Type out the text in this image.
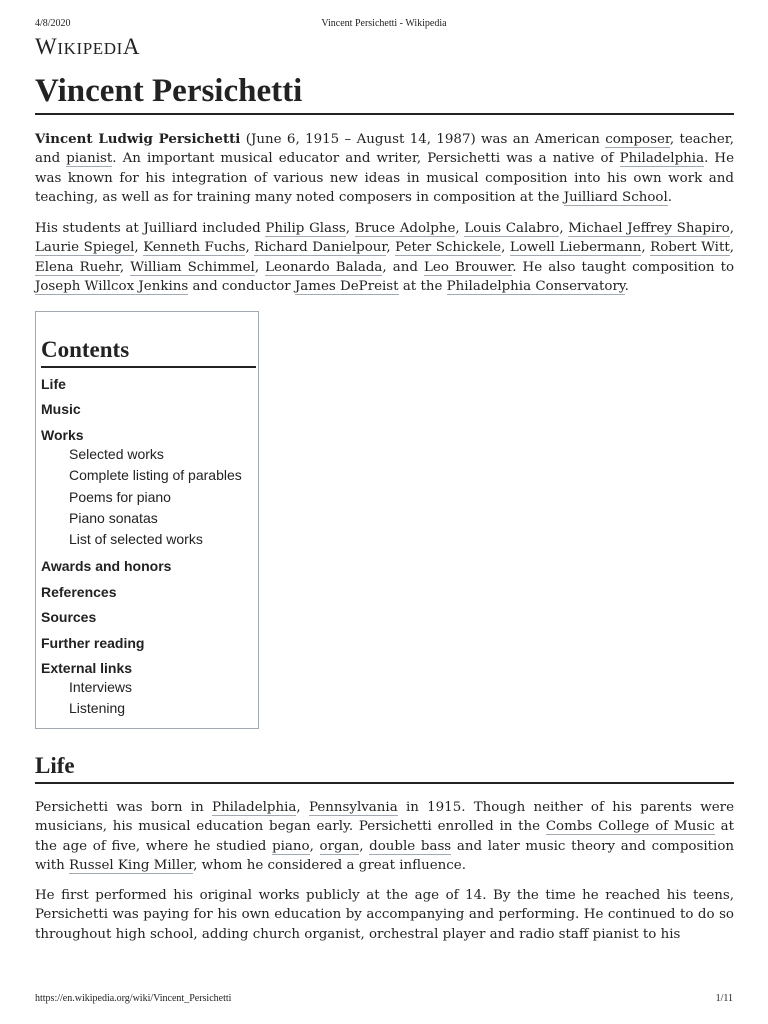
4/8/2020	Vincent Persichetti - Wikipedia
WIKIPEDIA
Vincent Persichetti

Vincent Ludwig Persichetti (June 6, 1915 – August 14, 1987) was an American composer, teacher, and pianist. An important musical educator and writer, Persichetti was a native of Philadelphia. He was known for his integration of various new ideas in musical composition into his own work and teaching, as well as for training many noted composers in composition at the Juilliard School.

His students at Juilliard included Philip Glass, Bruce Adolphe, Louis Calabro, Michael Jeffrey Shapiro, Laurie Spiegel, Kenneth Fuchs, Richard Danielpour, Peter Schickele, Lowell Liebermann, Robert Witt, Elena Ruehr, William Schimmel, Leonardo Balada, and Leo Brouwer. He also taught composition to Joseph Willcox Jenkins and conductor James DePreist at the Philadelphia Conservatory.

Contents
Life
Music
Works
Selected works
Complete listing of parables
Poems for piano
Piano sonatas
List of selected works
Awards and honors
References
Sources
Further reading
External links
Interviews
Listening
Life

Persichetti was born in Philadelphia, Pennsylvania in 1915. Though neither of his parents were musicians, his musical education began early. Persichetti enrolled in the Combs College of Music at the age of five, where he studied piano, organ, double bass and later music theory and composition with Russel King Miller, whom he considered a great influence.

He first performed his original works publicly at the age of 14. By the time he reached his teens, Persichetti was paying for his own education by accompanying and performing. He continued to do so throughout high school, adding church organist, orchestral player and radio staff pianist to his

https://en.wikipedia.org/wiki/Vincent_Persichetti	1/11
